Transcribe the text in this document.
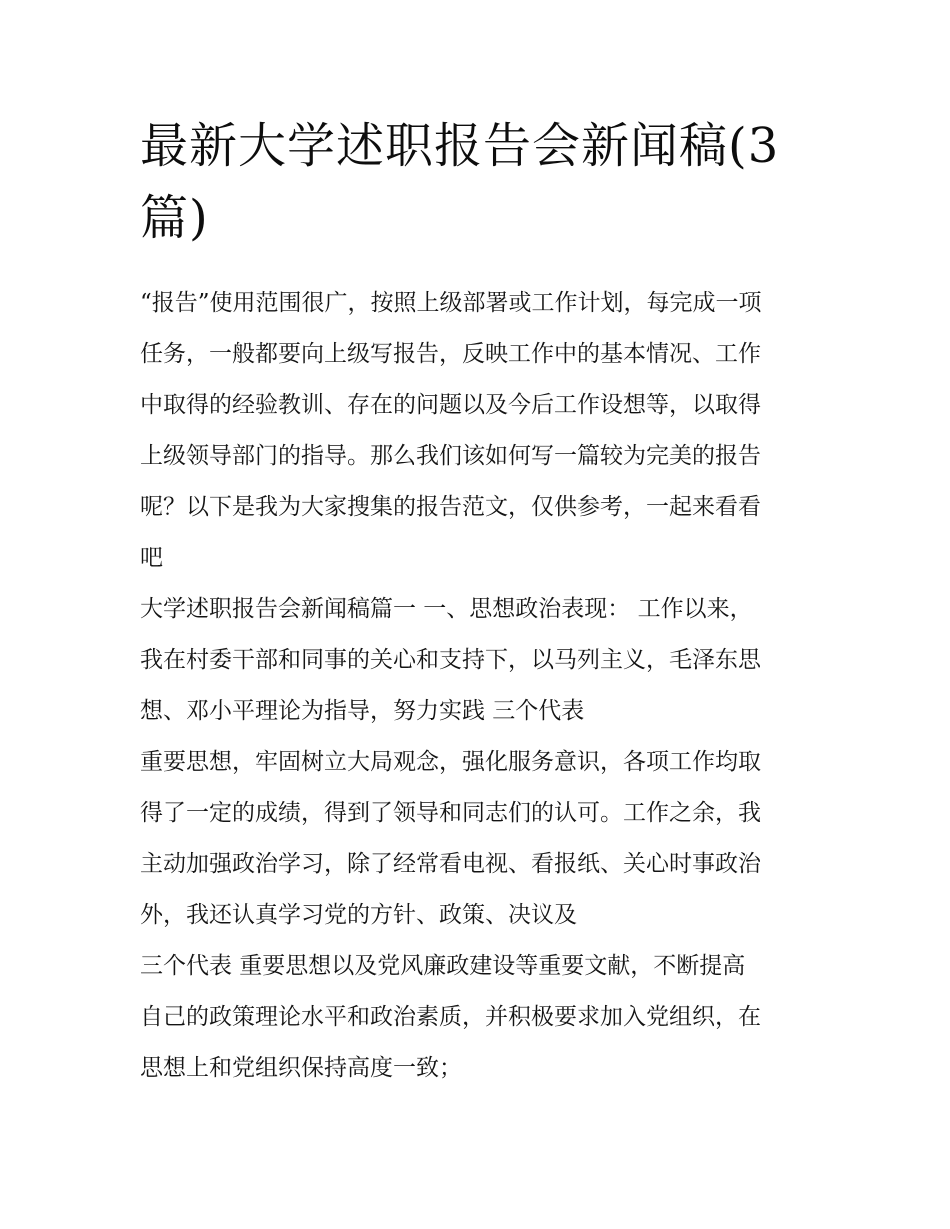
最新大学述职报告会新闻稿(3
篇)
“报告”使用范围很广，按照上级部署或工作计划，每完成一项
任务，一般都要向上级写报告，反映工作中的基本情况、工作
中取得的经验教训、存在的问题以及今后工作设想等，以取得
上级领导部门的指导。那么我们该如何写一篇较为完美的报告
呢？以下是我为大家搜集的报告范文，仅供参考，一起来看看
吧
大学述职报告会新闻稿篇一 一、思想政治表现： 工作以来，
我在村委干部和同事的关心和支持下，以马列主义，毛泽东思
想、邓小平理论为指导，努力实践 三个代表
重要思想，牢固树立大局观念，强化服务意识，各项工作均取
得了一定的成绩，得到了领导和同志们的认可。工作之余，我
主动加强政治学习，除了经常看电视、看报纸、关心时事政治
外，我还认真学习党的方针、政策、决议及
三个代表 重要思想以及党风廉政建设等重要文献，不断提高
自己的政策理论水平和政治素质，并积极要求加入党组织，在
思想上和党组织保持高度一致；
